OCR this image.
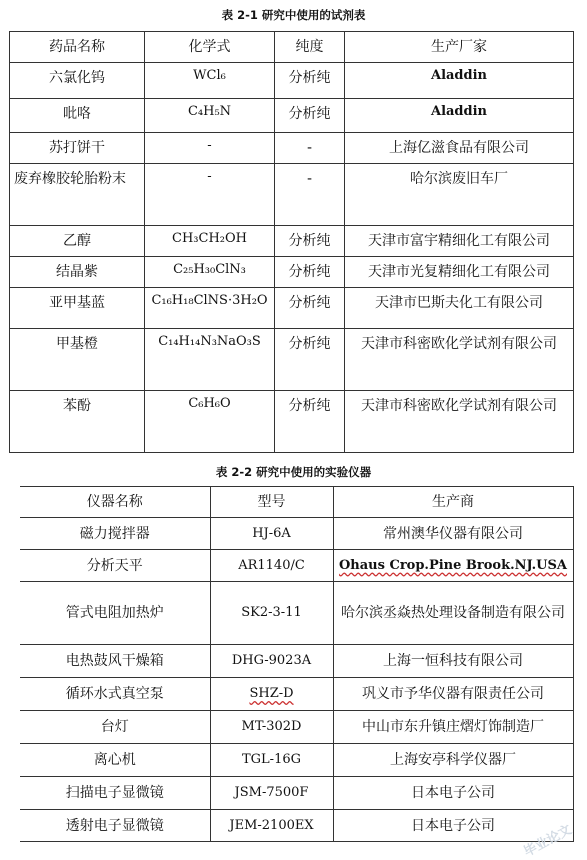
表 2-1 研究中使用的试剂表
药品名称	化学式	纯度	生产厂家
六氯化钨	WCl₆	分析纯	Aladdin
吡咯	C₄H₅N	分析纯	Aladdin
苏打饼干	-	-	上海亿滋食品有限公司
废弃橡胶轮胎粉末	-	-	哈尔滨废旧车厂
乙醇	CH₃CH₂OH	分析纯	天津市富宇精细化工有限公司
结晶紫	C₂₅H₃₀ClN₃	分析纯	天津市光复精细化工有限公司
亚甲基蓝	C₁₆H₁₈ClNS·3H₂O	分析纯	天津市巴斯夫化工有限公司
甲基橙	C₁₄H₁₄N₃NaO₃S	分析纯	天津市科密欧化学试剂有限公司
苯酚	C₆H₆O	分析纯	天津市科密欧化学试剂有限公司
表 2-2 研究中使用的实验仪器
仪器名称	型号	生产商
磁力搅拌器	HJ-6A	常州澳华仪器有限公司
分析天平	AR1140/C	Ohaus Crop.Pine Brook.NJ.USA
管式电阻加热炉	SK2-3-11	哈尔滨丞焱热处理设备制造有限公司
电热鼓风干燥箱	DHG-9023A	上海一恒科技有限公司
循环水式真空泵	SHZ-D	巩义市予华仪器有限责任公司
台灯	MT-302D	中山市东升镇庄熠灯饰制造厂
离心机	TGL-16G	上海安亭科学仪器厂
扫描电子显微镜	JSM-7500F	日本电子公司
透射电子显微镜	JEM-2100EX	日本电子公司 毕业论文
